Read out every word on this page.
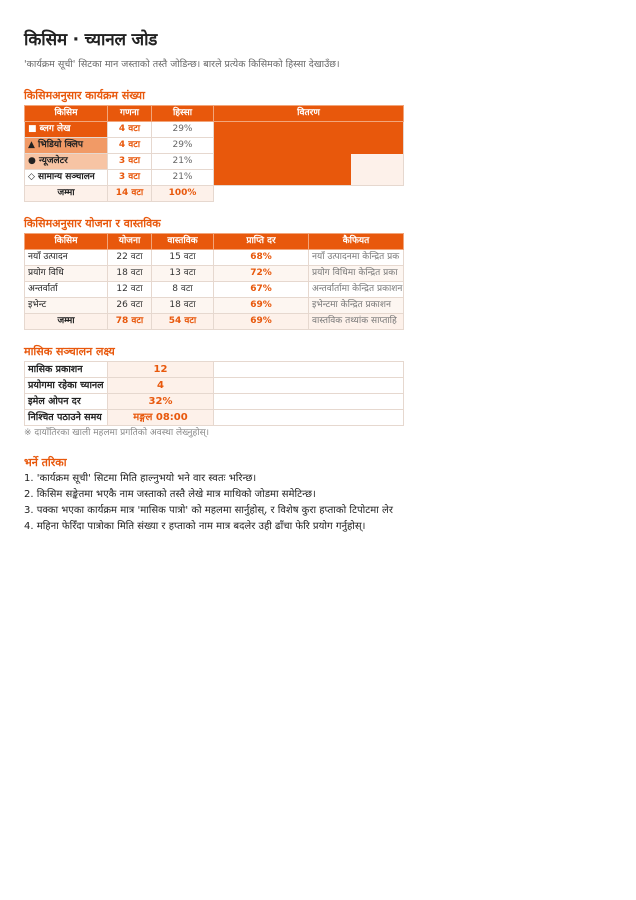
किसिम · च्यानल जोड
'कार्यक्रम सूची' सिटका मान जस्ताको तस्तै जोडिन्छ। बारले प्रत्येक किसिमको हिस्सा देखाउँछ।
किसिमअनुसार कार्यक्रम संख्या
किसिम	गणना	हिस्सा	वितरण
■ ब्लग लेख	4 वटा	29%	

▲ भिडियो क्लिप	4 वटा	29%	
● न्यूजलेटर	3 वटा	21%	
◇ सामान्य सञ्चालन	3 वटा	21%	
जम्मा	14 वटा	100%	
किसिमअनुसार योजना र वास्तविक
किसिम	योजना	वास्तविक	प्राप्ति दर	कैफियत
नयाँ उत्पादन	22 वटा	15 वटा	68%	नयाँ उत्पादनमा केन्द्रित प्रक
प्रयोग विधि	18 वटा	13 वटा	72%	प्रयोग विधिमा केन्द्रित प्रका
अन्तर्वार्ता	12 वटा	8 वटा	67%	अन्तर्वार्तामा केन्द्रित प्रकाशन
इभेन्ट	26 वटा	18 वटा	69%	इभेन्टमा केन्द्रित प्रकाशन
जम्मा	78 वटा	54 वटा	69%	वास्तविक तथ्यांक साप्ताहि
मासिक सञ्चालन लक्ष्य
मासिक प्रकाशन	12	
प्रयोगमा रहेका च्यानल	4	
इमेल ओपन दर	32%	
निश्चित पठाउने समय	मङ्गल 08:00	
※ दायाँतिरका खाली महलमा प्रगतिको अवस्था लेख्नुहोस्।
भर्ने तरिका
1. 'कार्यक्रम सूची' सिटमा मिति हाल्नुभयो भने वार स्वतः भरिन्छ।
2. किसिम सङ्केतमा भएकै नाम जस्ताको तस्तै लेखे मात्र माथिको जोडमा समेटिन्छ।
3. पक्का भएका कार्यक्रम मात्र 'मासिक पात्रो' को महलमा सार्नुहोस्, र विशेष कुरा हप्ताको टिपोटमा लेर
4. महिना फेरिँदा पात्रोका मिति संख्या र हप्ताको नाम मात्र बदलेर उही ढाँचा फेरि प्रयोग गर्नुहोस्।
